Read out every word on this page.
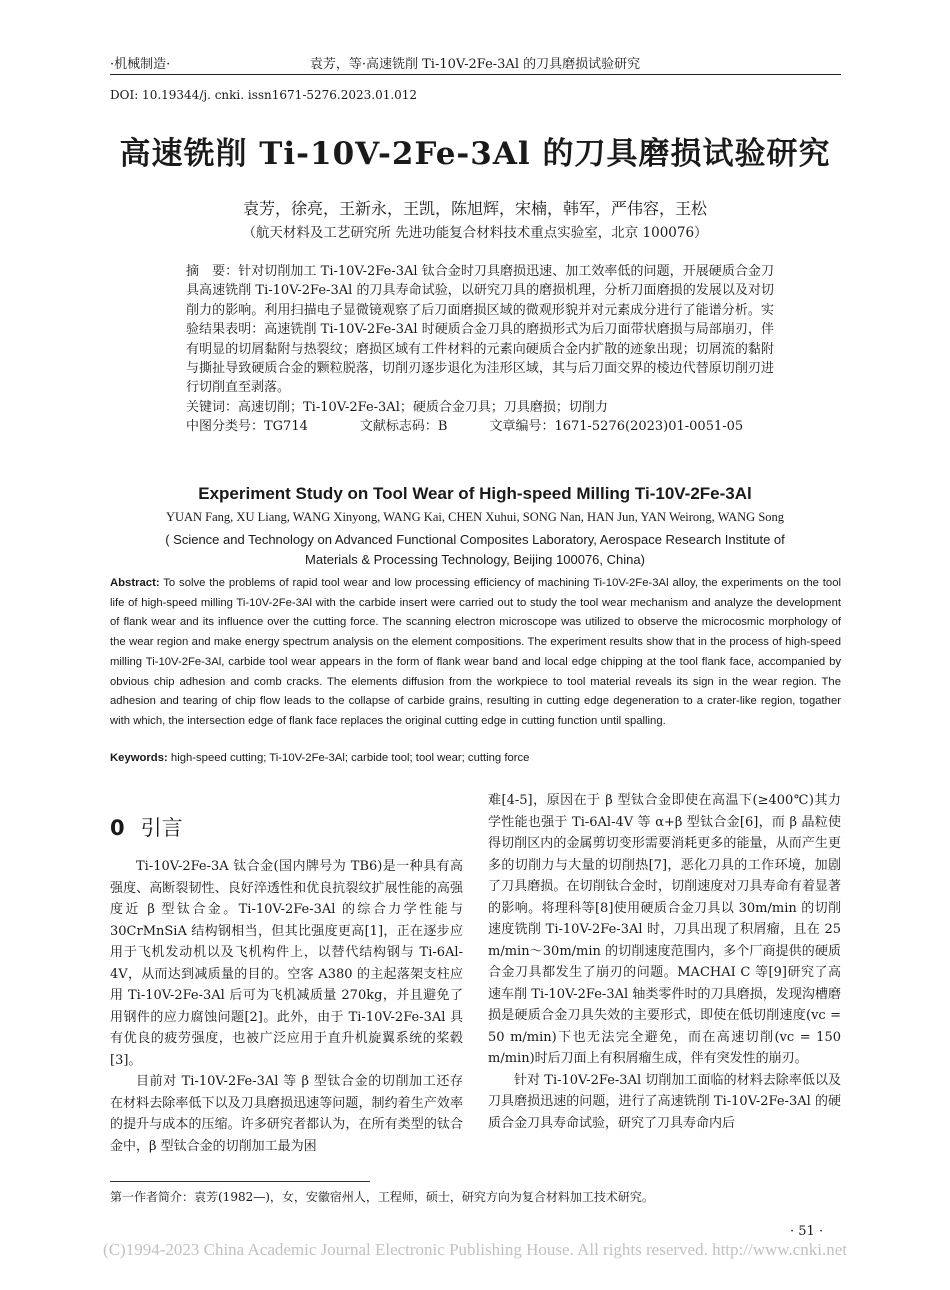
·机械制造·	袁芳，等·高速铣削 Ti-10V-2Fe-3Al 的刀具磨损试验研究
DOI: 10.19344/j. cnki. issn1671-5276.2023.01.012
高速铣削 Ti-10V-2Fe-3Al 的刀具磨损试验研究
袁芳，徐亮，王新永，王凯，陈旭辉，宋楠，韩军，严伟容，王松
（航天材料及工艺研究所 先进功能复合材料技术重点实验室，北京 100076）

摘　要：针对切削加工 Ti-10V-2Fe-3Al 钛合金时刀具磨损迅速、加工效率低的问题，开展硬质合金刀具高速铣削 Ti-10V-2Fe-3Al 的刀具寿命试验，以研究刀具的磨损机理，分析刀面磨损的发展以及对切削力的影响。利用扫描电子显微镜观察了后刀面磨损区域的微观形貌并对元素成分进行了能谱分析。实验结果表明：高速铣削 Ti-10V-2Fe-3Al 时硬质合金刀具的磨损形式为后刀面带状磨损与局部崩刃，伴有明显的切屑黏附与热裂纹；磨损区域有工件材料的元素向硬质合金内扩散的迹象出现；切屑流的黏附与撕扯导致硬质合金的颗粒脱落，切削刃逐步退化为洼形区域，其与后刀面交界的棱边代替原切削刃进行切削直至剥落。

关键词：高速切削；Ti-10V-2Fe-3Al；硬质合金刀具；刀具磨损；切削力

中图分类号：TG714	文献标志码：B	文章编号：1671-5276(2023)01-0051-05

Experiment Study on Tool Wear of High-speed Milling Ti-10V-2Fe-3Al
YUAN Fang, XU Liang, WANG Xinyong, WANG Kai, CHEN Xuhui, SONG Nan, HAN Jun, YAN Weirong, WANG Song
( Science and Technology on Advanced Functional Composites Laboratory, Aerospace Research Institute of
Materials & Processing Technology, Beijing 100076, China)

Abstract: To solve the problems of rapid tool wear and low processing efficiency of machining Ti-10V-2Fe-3Al alloy, the experiments on the tool life of high-speed milling Ti-10V-2Fe-3Al with the carbide insert were carried out to study the tool wear mechanism and analyze the development of flank wear and its influence over the cutting force. The scanning electron microscope was utilized to observe the microcosmic morphology of the wear region and make energy spectrum analysis on the element compositions. The experiment results show that in the process of high-speed milling Ti-10V-2Fe-3Al, carbide tool wear appears in the form of flank wear band and local edge chipping at the tool flank face, accompanied by obvious chip adhesion and comb cracks. The elements diffusion from the workpiece to tool material reveals its sign in the wear region. The adhesion and tearing of chip flow leads to the collapse of carbide grains, resulting in cutting edge degeneration to a crater-like region, togather with which, the intersection edge of flank face replaces the original cutting edge in cutting function until spalling.

Keywords: high-speed cutting; Ti-10V-2Fe-3Al; carbide tool; tool wear; cutting force
0 引言

Ti-10V-2Fe-3A 钛合金(国内牌号为 TB6)是一种具有高强度、高断裂韧性、良好淬透性和优良抗裂纹扩展性能的高强度近 β 型钛合金。Ti-10V-2Fe-3Al 的综合力学性能与 30CrMnSiA 结构钢相当，但其比强度更高[1]，正在逐步应用于飞机发动机以及飞机构件上，以替代结构钢与 Ti-6Al-4V，从而达到减质量的目的。空客 A380 的主起落架支柱应用 Ti-10V-2Fe-3Al 后可为飞机减质量 270kg，并且避免了用钢件的应力腐蚀问题[2]。此外，由于 Ti-10V-2Fe-3Al 具有优良的疲劳强度，也被广泛应用于直升机旋翼系统的桨毂[3]。

目前对 Ti-10V-2Fe-3Al 等 β 型钛合金的切削加工还存在材料去除率低下以及刀具磨损迅速等问题，制约着生产效率的提升与成本的压缩。许多研究者都认为，在所有类型的钛合金中，β 型钛合金的切削加工最为困

难[4-5]，原因在于 β 型钛合金即使在高温下(≥400℃)其力学性能也强于 Ti-6Al-4V 等 α+β 型钛合金[6]，而 β 晶粒使得切削区内的金属剪切变形需要消耗更多的能量，从而产生更多的切削力与大量的切削热[7]，恶化刀具的工作环境，加剧了刀具磨损。在切削钛合金时，切削速度对刀具寿命有着显著的影响。将理科等[8]使用硬质合金刀具以 30m/min 的切削速度铣削 Ti-10V-2Fe-3Al 时，刀具出现了积屑瘤，且在 25 m/min～30m/min 的切削速度范围内，多个厂商提供的硬质合金刀具都发生了崩刃的问题。MACHAI C 等[9]研究了高速车削 Ti-10V-2Fe-3Al 轴类零件时的刀具磨损，发现沟槽磨损是硬质合金刀具失效的主要形式，即使在低切削速度(vc = 50 m/min)下也无法完全避免，而在高速切削(vc = 150 m/min)时后刀面上有积屑瘤生成，伴有突发性的崩刃。

针对 Ti-10V-2Fe-3Al 切削加工面临的材料去除率低以及刀具磨损迅速的问题，进行了高速铣削 Ti-10V-2Fe-3Al 的硬质合金刀具寿命试验，研究了刀具寿命内后

第一作者简介：袁芳(1982—)，女，安徽宿州人，工程师，硕士，研究方向为复合材料加工技术研究。
· 51 ·
(C)1994-2023 China Academic Journal Electronic Publishing House. All rights reserved. http://www.cnki.net
